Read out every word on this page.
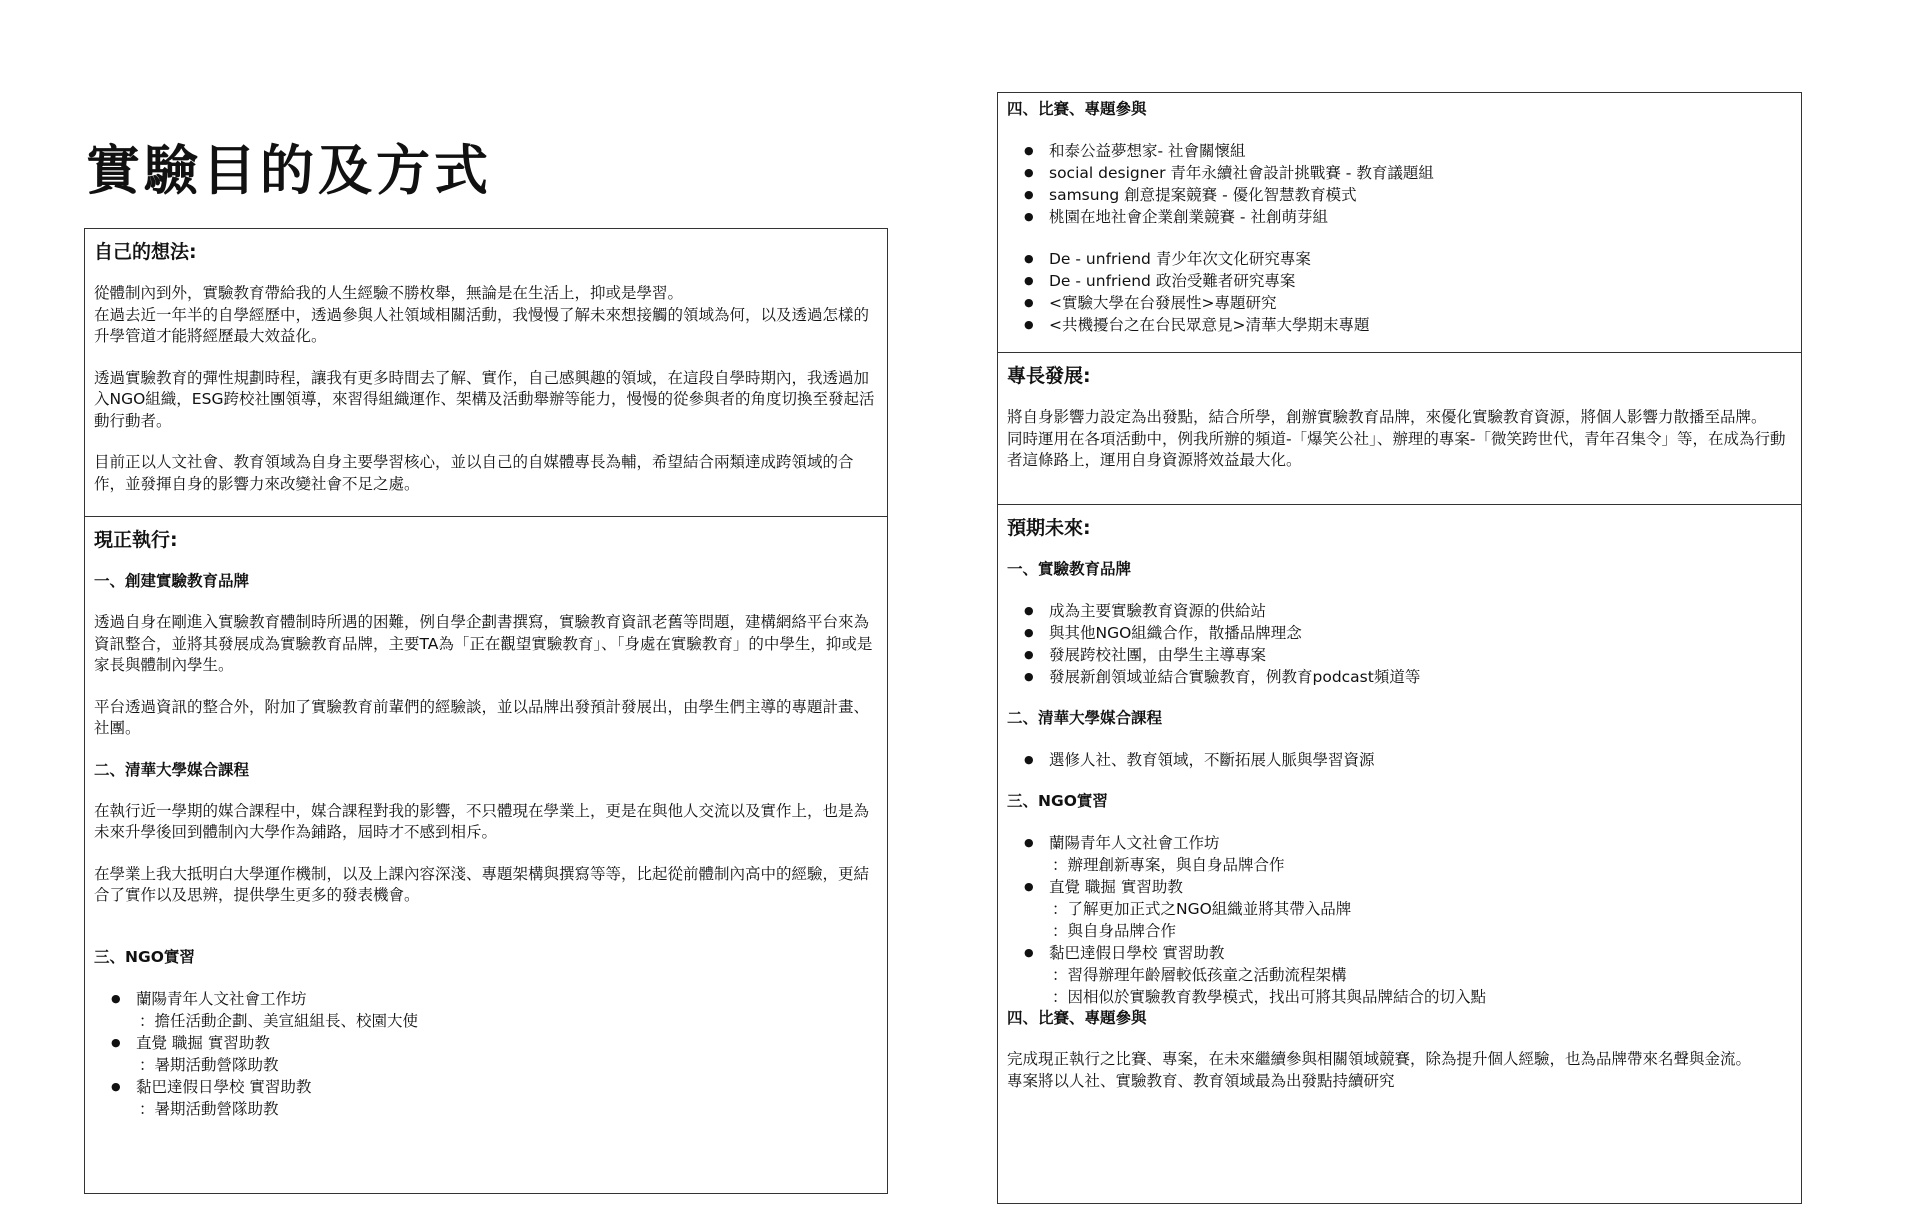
實驗目的及方式
自己的想法:

從體制內到外，實驗教育帶給我的人生經驗不勝枚舉，無論是在生活上，抑或是學習。
在過去近一年半的自學經歷中，透過參與人社領域相關活動，我慢慢了解未來想接觸的領域為何，以及透過怎樣的升學管道才能將經歷最大效益化。

透過實驗教育的彈性規劃時程，讓我有更多時間去了解、實作，自己感興趣的領域，在這段自學時期內，我透過加入NGO組織，ESG跨校社團領導，來習得組織運作、架構及活動舉辦等能力，慢慢的從參與者的角度切換至發起活動行動者。

目前正以人文社會、教育領域為自身主要學習核心，並以自己的自媒體專長為輔，希望結合兩類達成跨領域的合作，並發揮自身的影響力來改變社會不足之處。

現正執行:
一、創建實驗教育品牌

透過自身在剛進入實驗教育體制時所遇的困難，例自學企劃書撰寫，實驗教育資訊老舊等問題，建構網絡平台來為資訊整合，並將其發展成為實驗教育品牌，主要TA為「正在觀望實驗教育」、「身處在實驗教育」的中學生，抑或是家長與體制內學生。

平台透過資訊的整合外，附加了實驗教育前輩們的經驗談，並以品牌出發預計發展出，由學生們主導的專題計畫、社團。

二、清華大學媒合課程

在執行近一學期的媒合課程中，媒合課程對我的影響，不只體現在學業上，更是在與他人交流以及實作上，也是為未來升學後回到體制內大學作為鋪路，屆時才不感到相斥。

在學業上我大抵明白大學運作機制，以及上課內容深淺、專題架構與撰寫等等，比起從前體制內高中的經驗，更結合了實作以及思辨，提供學生更多的發表機會。

三、NGO實習
● 蘭陽青年人文社會工作坊
：擔任活動企劃、美宣組組長、校園大使
● 直覺 職掘 實習助教
：暑期活動營隊助教
● 黏巴達假日學校 實習助教
：暑期活動營隊助教
四、比賽、專題參與
● 和泰公益夢想家- 社會關懷組
● social designer 青年永續社會設計挑戰賽 - 教育議題組
● samsung 創意提案競賽 - 優化智慧教育模式
● 桃園在地社會企業創業競賽 - 社創萌芽組
● De - unfriend 青少年次文化研究專案
● De - unfriend 政治受難者研究專案
● <實驗大學在台發展性>專題研究
● <共機擾台之在台民眾意見>清華大學期末專題
專長發展:

將自身影響力設定為出發點，結合所學，創辦實驗教育品牌，來優化實驗教育資源，將個人影響力散播至品牌。
同時運用在各項活動中，例我所辦的頻道-「爆笑公社」、辦理的專案-「微笑跨世代，青年召集令」等，在成為行動者這條路上，運用自身資源將效益最大化。

預期未來:
一、實驗教育品牌
● 成為主要實驗教育資源的供給站
● 與其他NGO組織合作，散播品牌理念
● 發展跨校社團，由學生主導專案
● 發展新創領域並結合實驗教育，例教育podcast頻道等
二、清華大學媒合課程
● 選修人社、教育領域，不斷拓展人脈與學習資源
三、NGO實習
● 蘭陽青年人文社會工作坊
：辦理創新專案，與自身品牌合作
● 直覺 職掘 實習助教
：了解更加正式之NGO組織並將其帶入品牌
：與自身品牌合作
● 黏巴達假日學校 實習助教
：習得辦理年齡層較低孩童之活動流程架構
：因相似於實驗教育教學模式，找出可將其與品牌結合的切入點
四、比賽、專題參與

完成現正執行之比賽、專案，在未來繼續參與相關領域競賽，除為提升個人經驗，也為品牌帶來名聲與金流。
專案將以人社、實驗教育、教育領域最為出發點持續研究
